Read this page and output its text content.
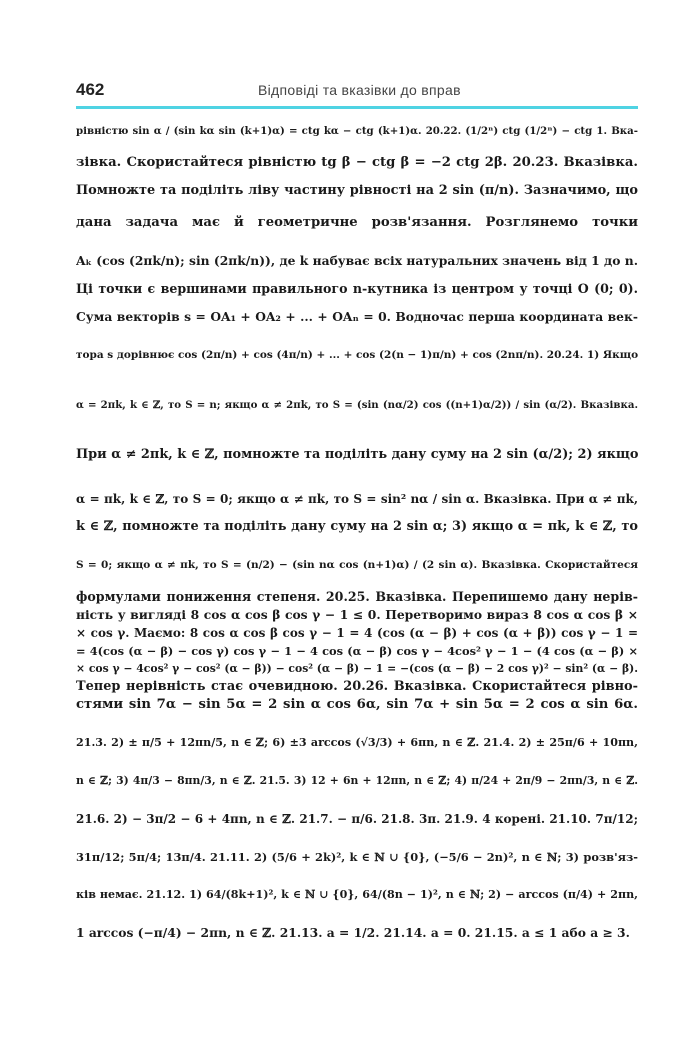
462	Відповіді та вказівки до вправ

рівністю sin α / (sin kα sin (k+1)α) = ctg kα − ctg (k+1)α. 20.22. (1/2ⁿ) ctg (1/2ⁿ) − ctg 1. Вка-

зівка. Скористайтеся рівністю tg β − ctg β = −2 ctg 2β. 20.23. Вказівка.

Помножте та поділіть ліву частину рівності на 2 sin (π/n). Зазначимо, що

дана задача має й геометричне розв'язання. Розглянемо точки

Aₖ (cos (2πk/n); sin (2πk/n)), де k набуває всіх натуральних значень від 1 до n.

Ці точки є вершинами правильного n-кутника із центром у точці O (0; 0).

Сума векторів s = OA₁ + OA₂ + ... + OAₙ = 0. Водночас перша координата век-

тора s дорівнює cos (2π/n) + cos (4π/n) + ... + cos (2(n − 1)π/n) + cos (2nπ/n). 20.24. 1) Якщо

α = 2πk, k ∈ ℤ, то S = n; якщо α ≠ 2πk, то S = (sin (nα/2) cos ((n+1)α/2)) / sin (α/2). Вказівка.

При α ≠ 2πk, k ∈ ℤ, помножте та поділіть дану суму на 2 sin (α/2); 2) якщо

α = πk, k ∈ ℤ, то S = 0; якщо α ≠ πk, то S = sin² nα / sin α. Вказівка. При α ≠ πk,

k ∈ ℤ, помножте та поділіть дану суму на 2 sin α; 3) якщо α = πk, k ∈ ℤ, то

S = 0; якщо α ≠ πk, то S = (n/2) − (sin nα cos (n+1)α) / (2 sin α). Вказівка. Скористайтеся

формулами пониження степеня. 20.25. Вказівка. Перепишемо дану нерів-

ність у вигляді 8 cos α cos β cos γ − 1 ≤ 0. Перетворимо вираз 8 cos α cos β ×

× cos γ. Маємо: 8 cos α cos β cos γ − 1 = 4 (cos (α − β) + cos (α + β)) cos γ − 1 =

= 4(cos (α − β) − cos γ) cos γ − 1 − 4 cos (α − β) cos γ − 4cos² γ − 1 − (4 cos (α − β) ×

× cos γ − 4cos² γ − cos² (α − β)) − cos² (α − β) − 1 = −(cos (α − β) − 2 cos γ)² − sin² (α − β).

Тепер нерівність стає очевидною. 20.26. Вказівка. Скористайтеся рівно-

стями sin 7α − sin 5α = 2 sin α cos 6α, sin 7α + sin 5α = 2 cos α sin 6α.

21.3. 2) ± π/5 + 12πn/5, n ∈ ℤ; 6) ±3 arccos (√3/3) + 6πn, n ∈ ℤ. 21.4. 2) ± 25π/6 + 10πn,

n ∈ ℤ; 3) 4π/3 − 8πn/3, n ∈ ℤ. 21.5. 3) 12 + 6n + 12πn, n ∈ ℤ; 4) π/24 + 2π/9 − 2πn/3, n ∈ ℤ.

21.6. 2) − 3π/2 − 6 + 4πn, n ∈ ℤ. 21.7. − π/6. 21.8. 3π. 21.9. 4 корені. 21.10. 7π/12;

31π/12; 5π/4; 13π/4. 21.11. 2) (5/6 + 2k)², k ∈ ℕ ∪ {0}, (−5/6 − 2n)², n ∈ ℕ; 3) розв'яз-

ків немає. 21.12. 1) 64/(8k+1)², k ∈ ℕ ∪ {0}, 64/(8n − 1)², n ∈ ℕ; 2) − arccos (π/4) + 2πn,

1 arccos (−π/4) − 2πn, n ∈ ℤ. 21.13. a = 1/2. 21.14. a = 0. 21.15. a ≤ 1 або a ≥ 3.
